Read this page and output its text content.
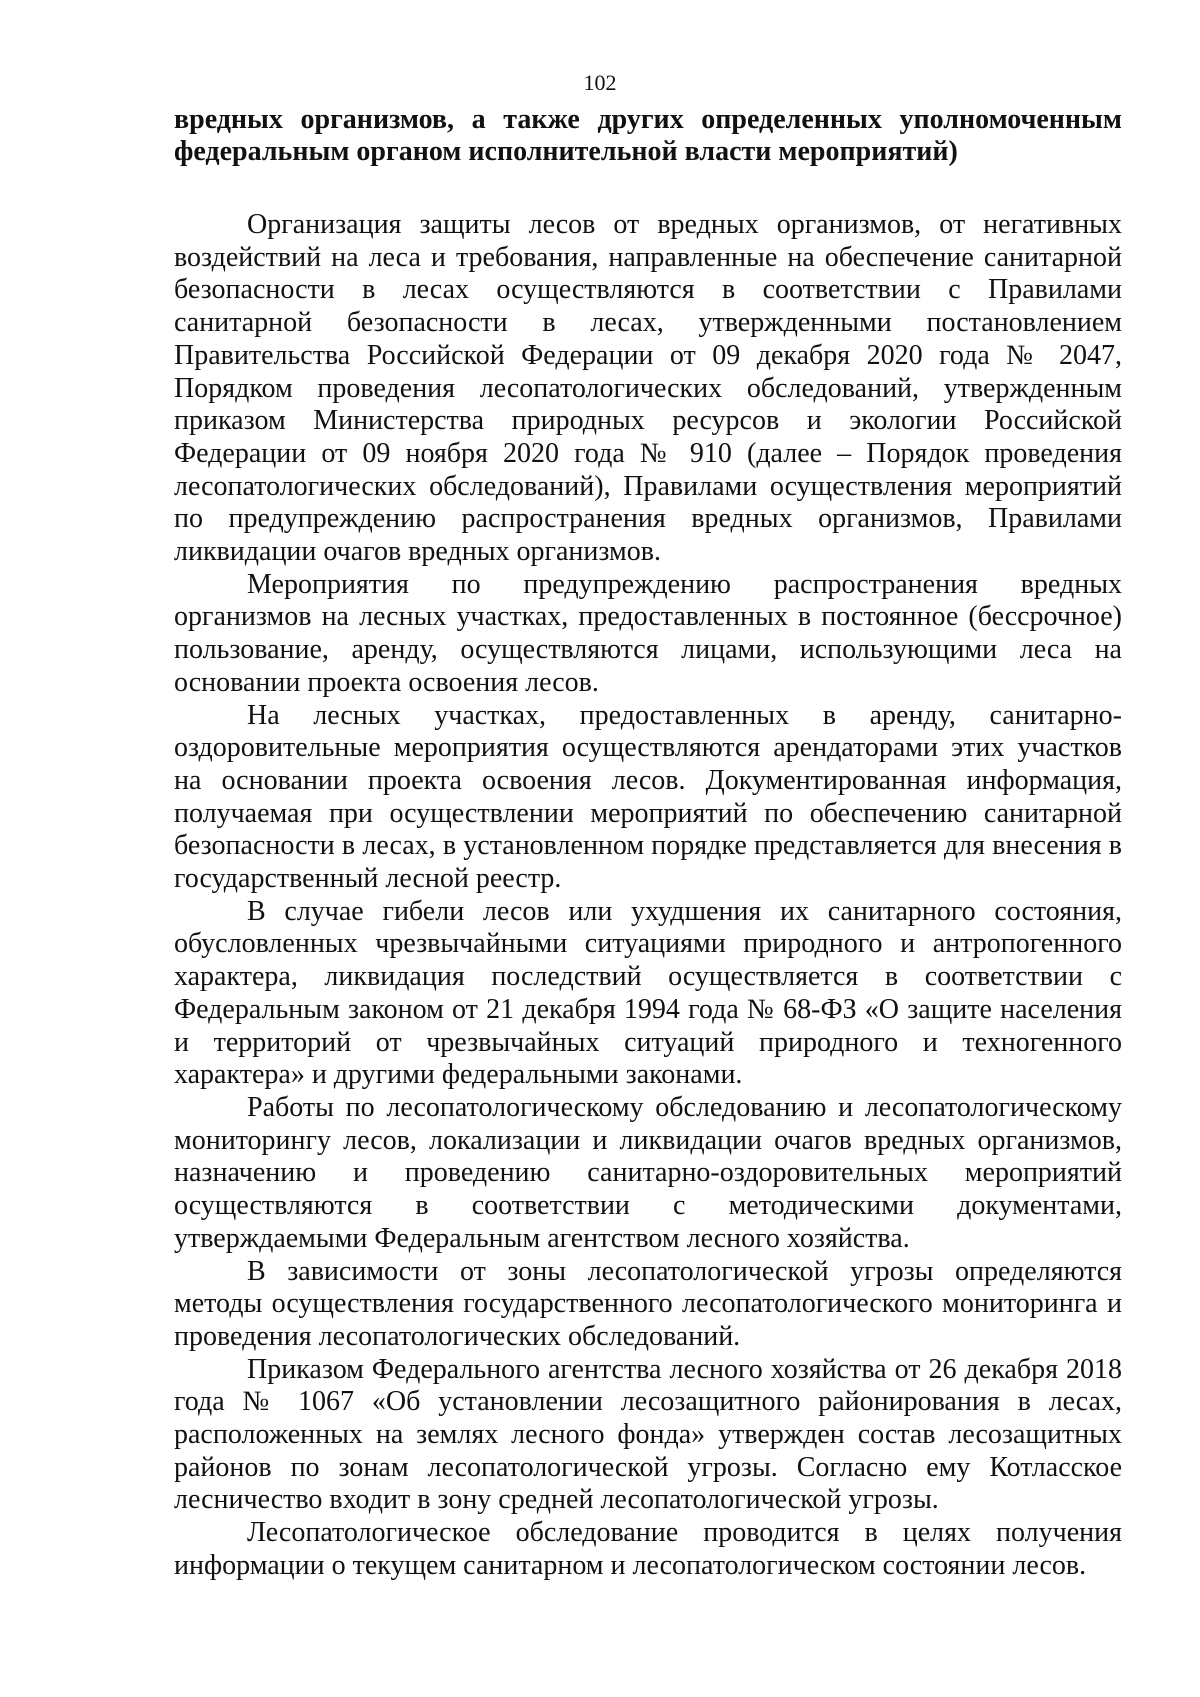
102
вредных организмов, а также других определенных уполномоченным
федеральным органом исполнительной власти мероприятий)

Организация защиты лесов от вредных организмов, от негативных воздействий на леса и требования, направленные на обеспечение санитарной безопасности в лесах осуществляются в соответствии с Правилами санитарной безопасности в лесах, утвержденными постановлением Правительства Российской Федерации от 09 декабря 2020 года № 2047, Порядком проведения лесопатологических обследований, утвержденным приказом Министерства природных ресурсов и экологии Российской Федерации от 09 ноября 2020 года № 910 (далее – Порядок проведения лесопатологических обследований), Правилами осуществления мероприятий по предупреждению распространения вредных организмов, Правилами ликвидации очагов вредных организмов.

Мероприятия по предупреждению распространения вредных организмов на лесных участках, предоставленных в постоянное (бессрочное) пользование, аренду, осуществляются лицами, использующими леса на основании проекта освоения лесов.

На лесных участках, предоставленных в аренду, санитарно-оздоровительные мероприятия осуществляются арендаторами этих участков на основании проекта освоения лесов. Документированная информация, получаемая при осуществлении мероприятий по обеспечению санитарной безопасности в лесах, в установленном порядке представляется для внесения в государственный лесной реестр.

В случае гибели лесов или ухудшения их санитарного состояния, обусловленных чрезвычайными ситуациями природного и антропогенного характера, ликвидация последствий осуществляется в соответствии с Федеральным законом от 21 декабря 1994 года № 68-ФЗ «О защите населения и территорий от чрезвычайных ситуаций природного и техногенного характера» и другими федеральными законами.

Работы по лесопатологическому обследованию и лесопатологическому мониторингу лесов, локализации и ликвидации очагов вредных организмов, назначению и проведению санитарно-оздоровительных мероприятий осуществляются в соответствии с методическими документами, утверждаемыми Федеральным агентством лесного хозяйства.

В зависимости от зоны лесопатологической угрозы определяются методы осуществления государственного лесопатологического мониторинга и проведения лесопатологических обследований.

Приказом Федерального агентства лесного хозяйства от 26 декабря 2018 года № 1067 «Об установлении лесозащитного районирования в лесах, расположенных на землях лесного фонда» утвержден состав лесозащитных районов по зонам лесопатологической угрозы. Согласно ему Котласское лесничество входит в зону средней лесопатологической угрозы.

Лесопатологическое обследование проводится в целях получения информации о текущем санитарном и лесопатологическом состоянии лесов.
